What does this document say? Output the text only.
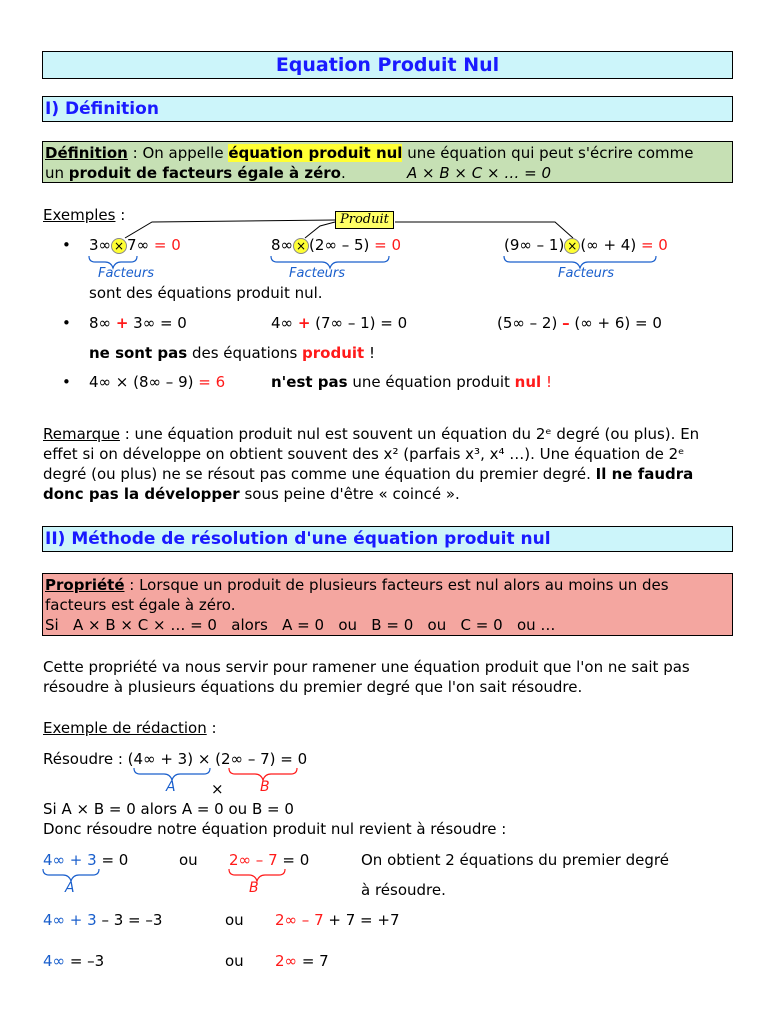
Equation Produit Nul
I) Définition
Définition : On appelle équation produit nul une équation qui peut s'écrire comme
un produit de facteurs égale à zéro.	A × B × C × … = 0
Exemples :	Produit
• 3∞ × 7∞ = 0	8∞ × (2∞ – 5) = 0	(9∞ – 1) × (∞ + 4) = 0
Facteurs	Facteurs	Facteurs
sont des équations produit nul.
• 8∞ + 3∞ = 0	4∞ + (7∞ – 1) = 0	(5∞ – 2) – (∞ + 6) = 0
ne sont pas des équations produit !
• 4∞ × (8∞ – 9) = 6	n'est pas une équation produit nul !
Remarque : une équation produit nul est souvent un équation du 2ᵉ degré (ou plus). En
effet si on développe on obtient souvent des x² (parfais x³, x⁴ …). Une équation de 2ᵉ
degré (ou plus) ne se résout pas comme une équation du premier degré. Il ne faudra
donc pas la développer sous peine d'être « coincé ».
II) Méthode de résolution d'une équation produit nul
Propriété : Lorsque un produit de plusieurs facteurs est nul alors au moins un des
facteurs est égale à zéro.
Si   A × B × C × … = 0   alors   A = 0   ou   B = 0   ou   C = 0   ou …
Cette propriété va nous servir pour ramener une équation produit que l'on ne sait pas
résoudre à plusieurs équations du premier degré que l'on sait résoudre.
Exemple de rédaction :
Résoudre : (4∞ + 3) × (2∞ – 7) = 0
A ×	B
Si A × B = 0 alors A = 0 ou B = 0
Donc résoudre notre équation produit nul revient à résoudre :
4∞ + 3 = 0	ou 2∞ – 7 = 0	On obtient 2 équations du premier degré
A	B	à résoudre.
4∞ + 3 – 3 = –3	ou 2∞ – 7 + 7 = +7
4∞ = –3	ou 2∞ = 7
